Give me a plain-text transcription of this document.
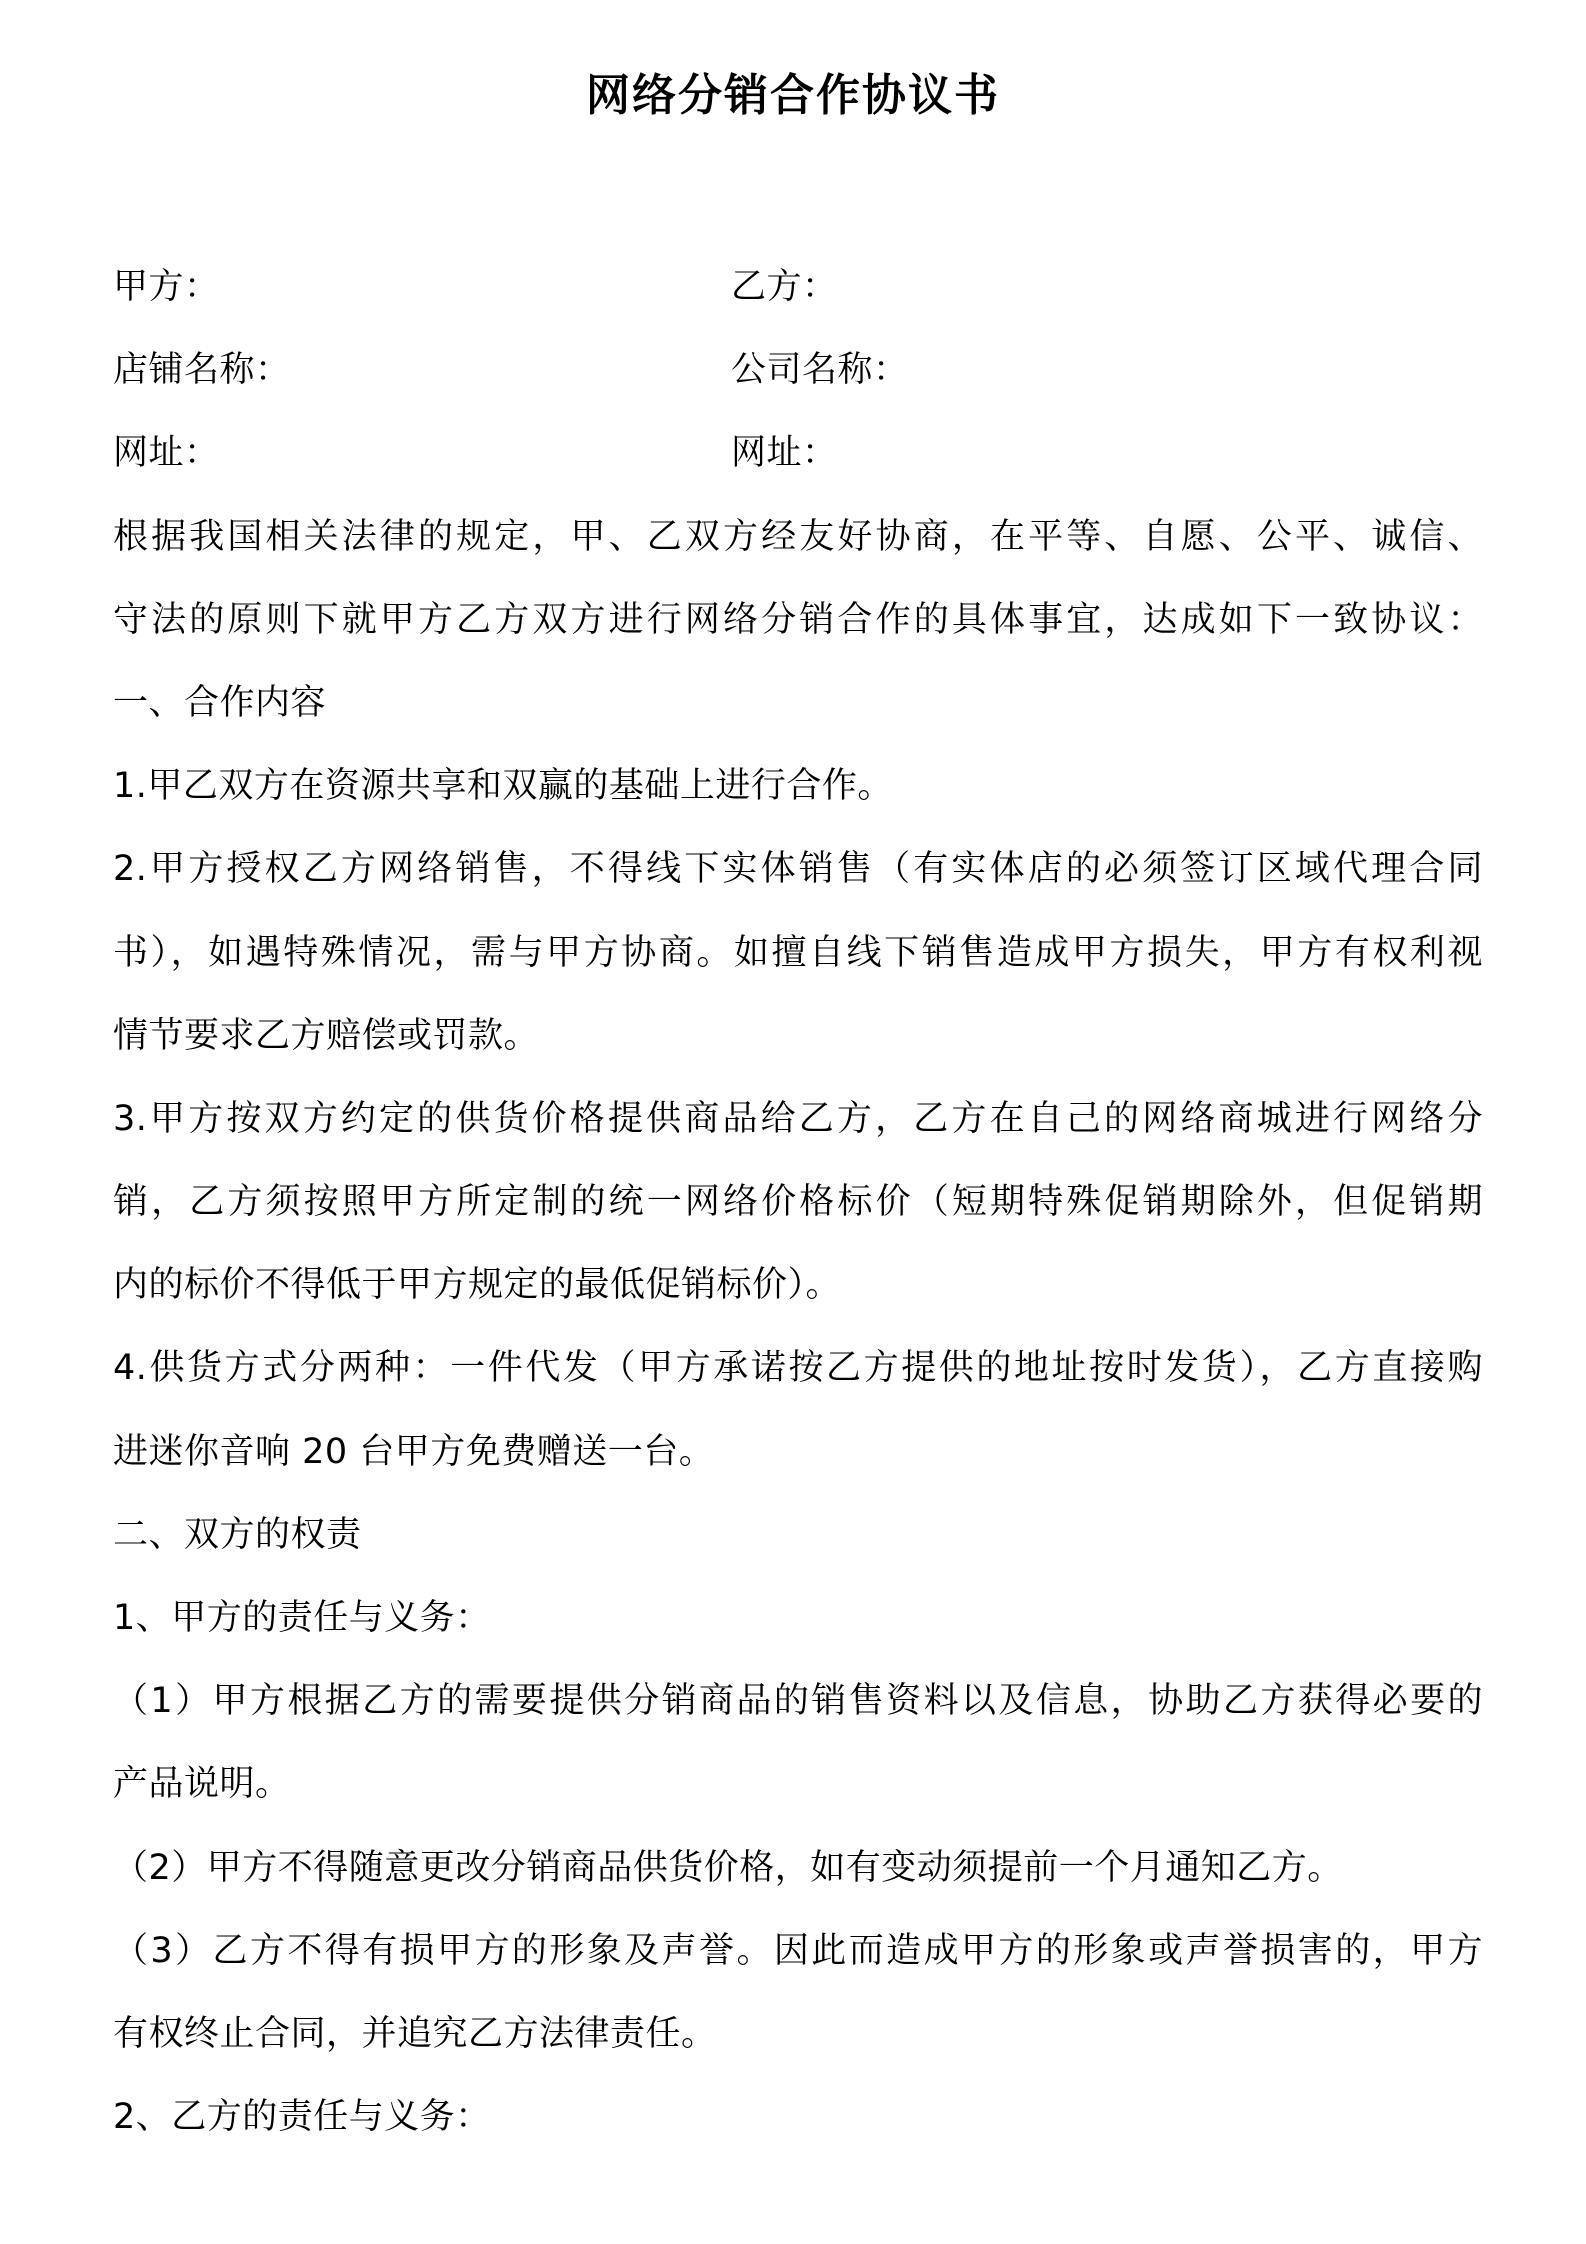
网络分销合作协议书
甲方：	乙方：
店铺名称：	公司名称：
网址：	网址：
根据我国相关法律的规定，甲、乙双方经友好协商，在平等、自愿、公平、诚信、
守法的原则下就甲方乙方双方进行网络分销合作的具体事宜，达成如下一致协议：
一、合作内容
1.甲乙双方在资源共享和双赢的基础上进行合作。
2.甲方授权乙方网络销售，不得线下实体销售（有实体店的必须签订区域代理合同
书），如遇特殊情况，需与甲方协商。如擅自线下销售造成甲方损失，甲方有权利视
情节要求乙方赔偿或罚款。
3.甲方按双方约定的供货价格提供商品给乙方，乙方在自己的网络商城进行网络分
销，乙方须按照甲方所定制的统一网络价格标价（短期特殊促销期除外，但促销期
内的标价不得低于甲方规定的最低促销标价）。
4.供货方式分两种：一件代发（甲方承诺按乙方提供的地址按时发货），乙方直接购
进迷你音响 20 台甲方免费赠送一台。
二、双方的权责
1、甲方的责任与义务：
（1）甲方根据乙方的需要提供分销商品的销售资料以及信息，协助乙方获得必要的
产品说明。
（2）甲方不得随意更改分销商品供货价格，如有变动须提前一个月通知乙方。
（3）乙方不得有损甲方的形象及声誉。因此而造成甲方的形象或声誉损害的，甲方
有权终止合同，并追究乙方法律责任。
2、乙方的责任与义务：
